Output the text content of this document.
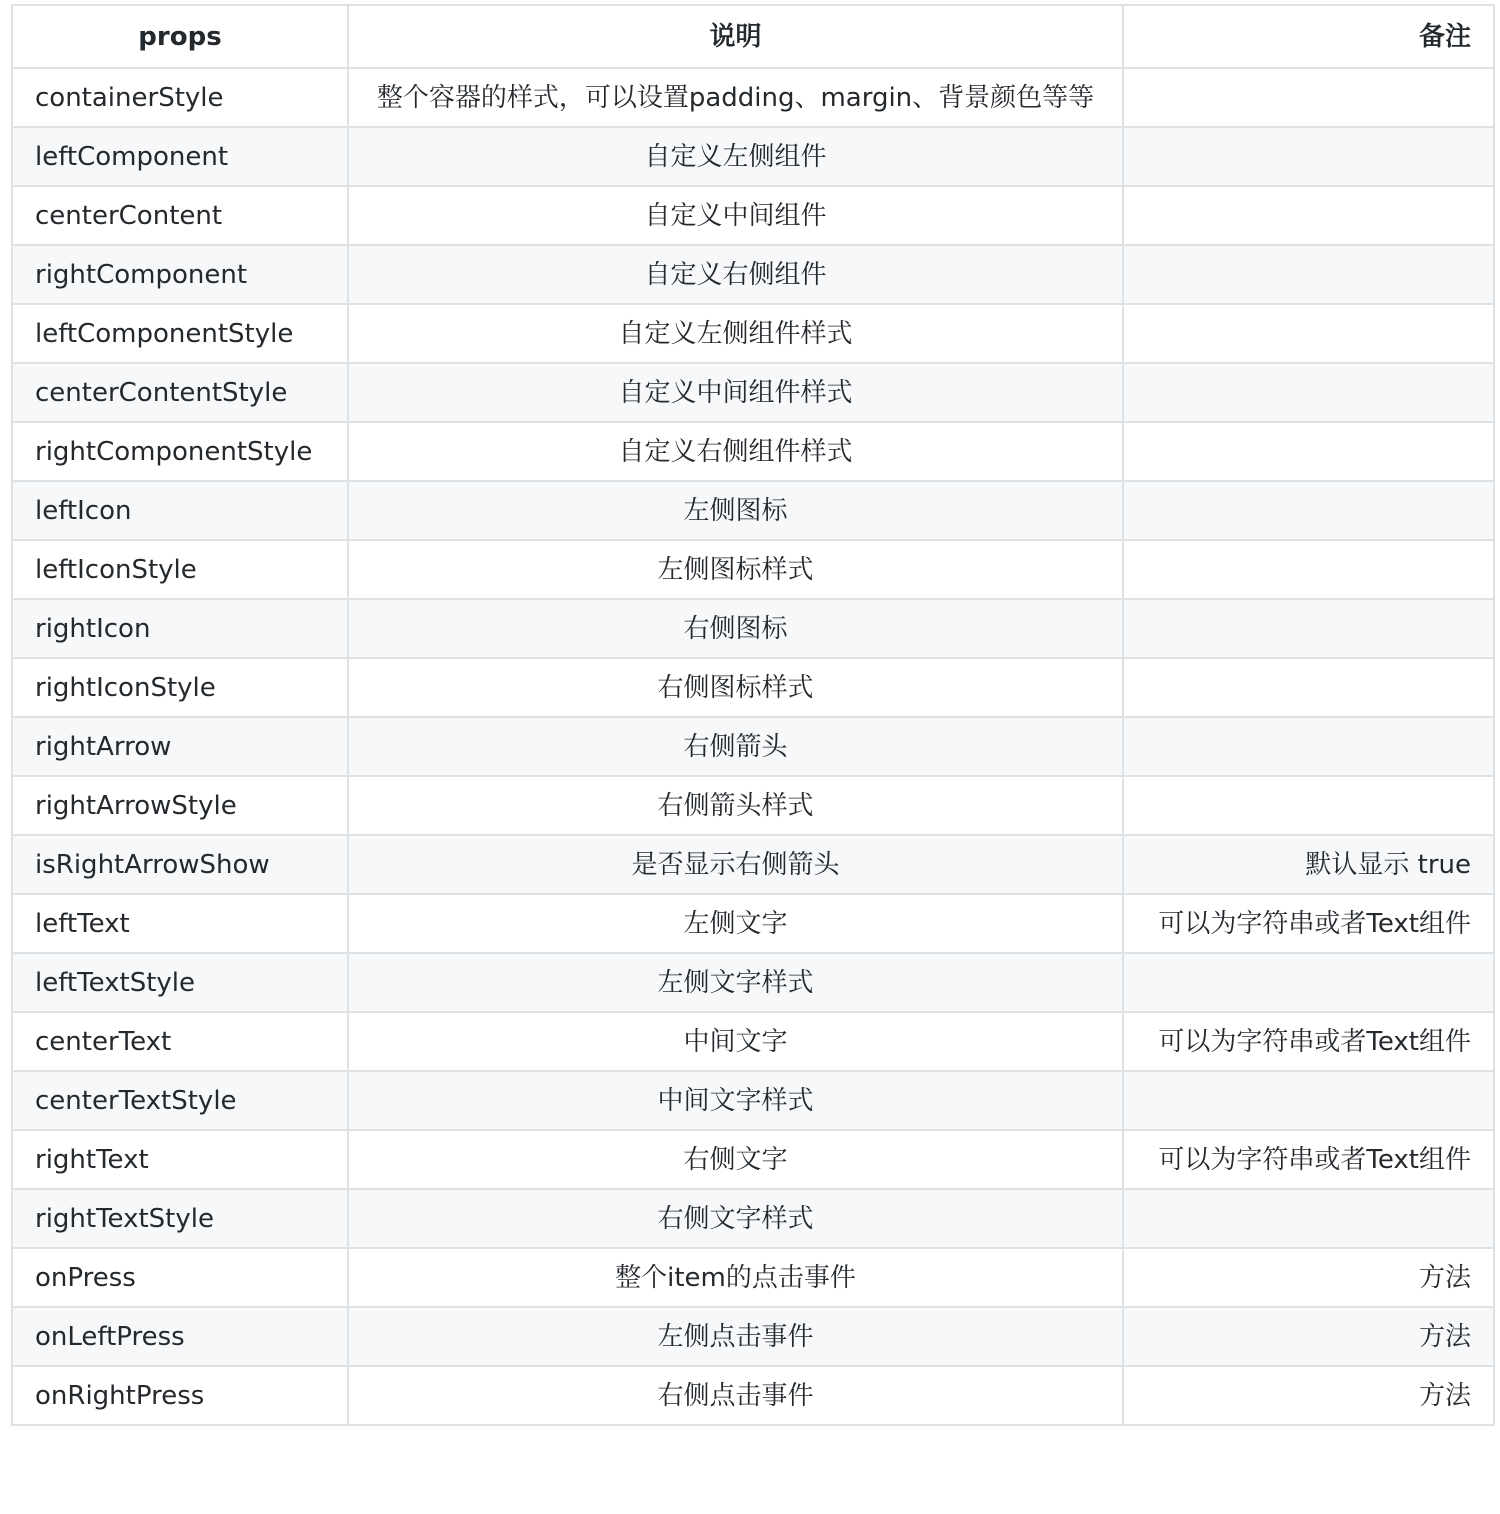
props	说明	备注
containerStyle	整个容器的样式，可以设置padding、margin、背景颜色等等	
leftComponent	自定义左侧组件	
centerContent	自定义中间组件	
rightComponent	自定义右侧组件	
leftComponentStyle	自定义左侧组件样式	
centerContentStyle	自定义中间组件样式	
rightComponentStyle	自定义右侧组件样式	
leftIcon	左侧图标	
leftIconStyle	左侧图标样式	
rightIcon	右侧图标	
rightIconStyle	右侧图标样式	
rightArrow	右侧箭头	
rightArrowStyle	右侧箭头样式	
isRightArrowShow	是否显示右侧箭头	默认显示 true
leftText	左侧文字	可以为字符串或者Text组件
leftTextStyle	左侧文字样式	
centerText	中间文字	可以为字符串或者Text组件
centerTextStyle	中间文字样式	
rightText	右侧文字	可以为字符串或者Text组件
rightTextStyle	右侧文字样式	
onPress	整个item的点击事件	方法
onLeftPress	左侧点击事件	方法
onRightPress	右侧点击事件	方法
